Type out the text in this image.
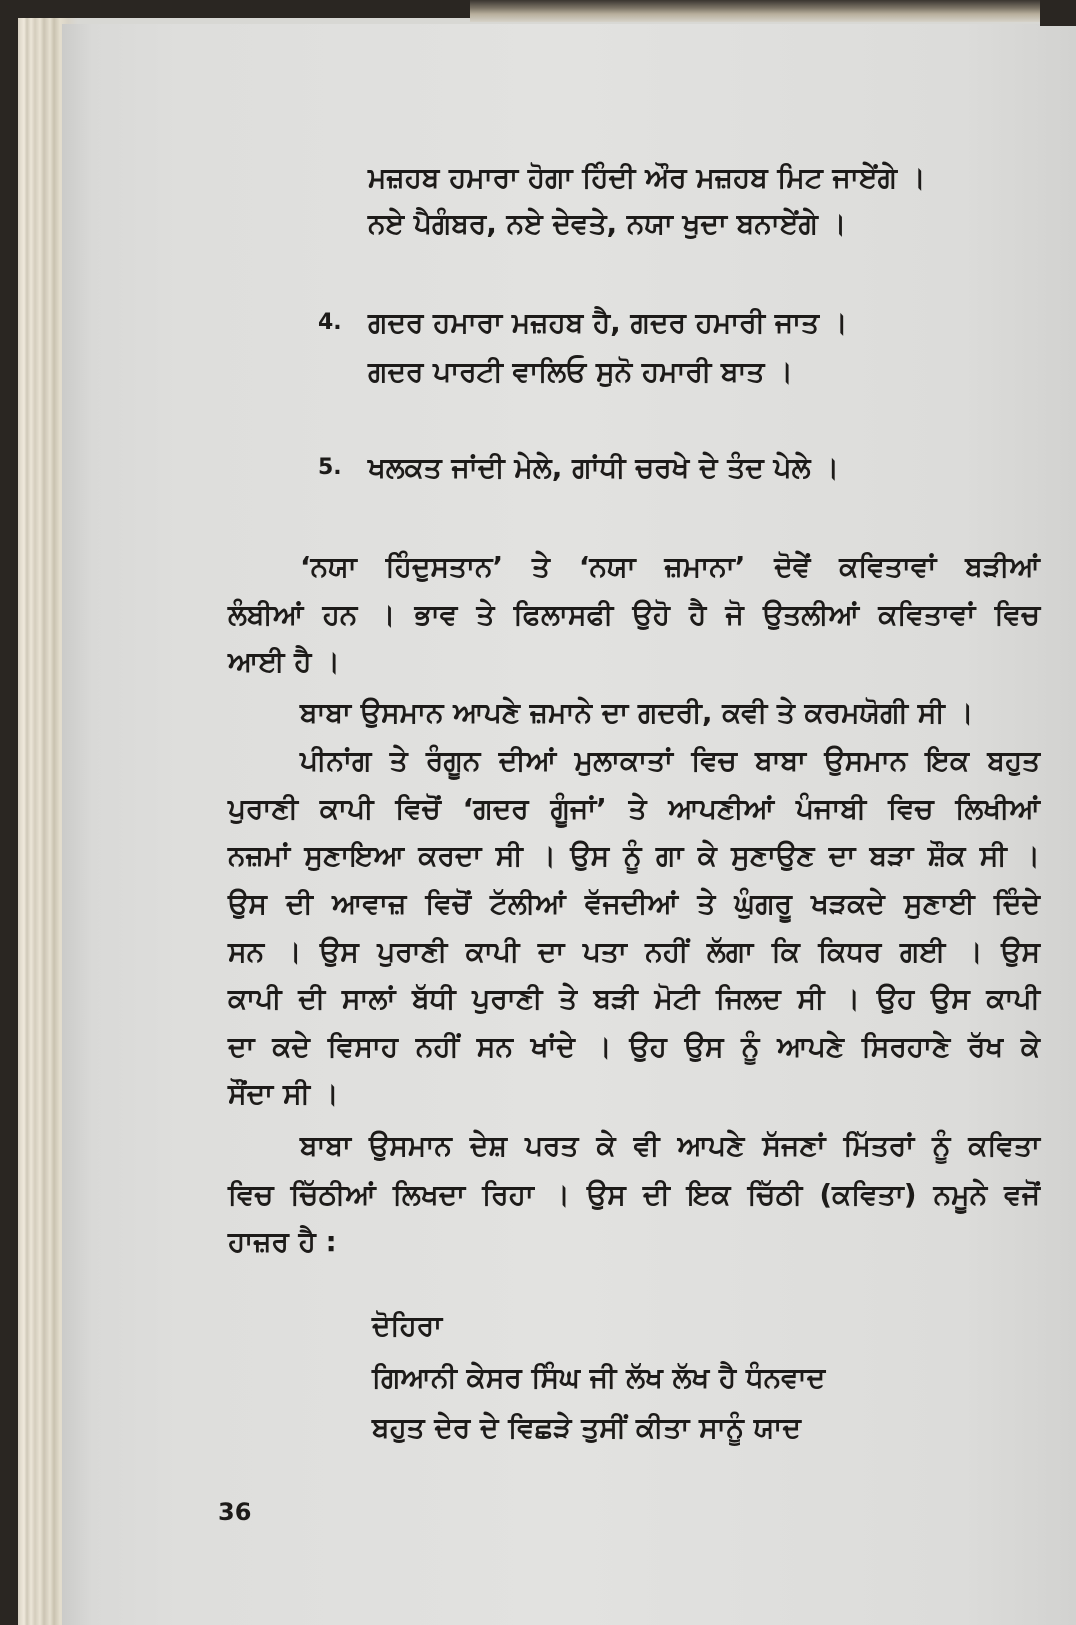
ਮਜ਼ਹਬ ਹਮਾਰਾ ਹੋਗਾ ਹਿੰਦੀ ਔਰ ਮਜ਼ਹਬ ਮਿਟ ਜਾਏਂਗੇ ।
ਨਏ ਪੈਗੰਬਰ, ਨਏ ਦੇਵਤੇ, ਨਯਾ ਖੁਦਾ ਬਨਾਏਂਗੇ ।
4. ਗਦਰ ਹਮਾਰਾ ਮਜ਼ਹਬ ਹੈ, ਗਦਰ ਹਮਾਰੀ ਜਾਤ ।
ਗਦਰ ਪਾਰਟੀ ਵਾਲਿਓ ਸੁਨੋ ਹਮਾਰੀ ਬਾਤ ।
5. ਖਲਕਤ ਜਾਂਦੀ ਮੇਲੇ, ਗਾਂਧੀ ਚਰਖੇ ਦੇ ਤੰਦ ਪੇਲੇ ।
‘ਨਯਾ ਹਿੰਦੁਸਤਾਨ’ ਤੇ ‘ਨਯਾ ਜ਼ਮਾਨਾ’ ਦੋਵੇਂ ਕਵਿਤਾਵਾਂ ਬੜੀਆਂ
ਲੰਬੀਆਂ ਹਨ । ਭਾਵ ਤੇ ਫਿਲਾਸਫੀ ਉਹੋ ਹੈ ਜੋ ਉਤਲੀਆਂ ਕਵਿਤਾਵਾਂ ਵਿਚ
ਆਈ ਹੈ ।
ਬਾਬਾ ਉਸਮਾਨ ਆਪਣੇ ਜ਼ਮਾਨੇ ਦਾ ਗਦਰੀ, ਕਵੀ ਤੇ ਕਰਮਯੋਗੀ ਸੀ ।
ਪੀਨਾਂਗ ਤੇ ਰੰਗੂਨ ਦੀਆਂ ਮੁਲਾਕਾਤਾਂ ਵਿਚ ਬਾਬਾ ਉਸਮਾਨ ਇਕ ਬਹੁਤ
ਪੁਰਾਣੀ ਕਾਪੀ ਵਿਚੋਂ ‘ਗਦਰ ਗੂੰਜਾਂ’ ਤੇ ਆਪਣੀਆਂ ਪੰਜਾਬੀ ਵਿਚ ਲਿਖੀਆਂ
ਨਜ਼ਮਾਂ ਸੁਣਾਇਆ ਕਰਦਾ ਸੀ । ਉਸ ਨੂੰ ਗਾ ਕੇ ਸੁਣਾਉਣ ਦਾ ਬੜਾ ਸ਼ੌਕ ਸੀ ।
ਉਸ ਦੀ ਆਵਾਜ਼ ਵਿਚੋਂ ਟੱਲੀਆਂ ਵੱਜਦੀਆਂ ਤੇ ਘੁੰਗਰੂ ਖੜਕਦੇ ਸੁਣਾਈ ਦਿੰਦੇ
ਸਨ । ਉਸ ਪੁਰਾਣੀ ਕਾਪੀ ਦਾ ਪਤਾ ਨਹੀਂ ਲੱਗਾ ਕਿ ਕਿਧਰ ਗਈ । ਉਸ
ਕਾਪੀ ਦੀ ਸਾਲਾਂ ਬੱਧੀ ਪੁਰਾਣੀ ਤੇ ਬੜੀ ਮੋਟੀ ਜਿਲਦ ਸੀ । ਉਹ ਉਸ ਕਾਪੀ
ਦਾ ਕਦੇ ਵਿਸਾਹ ਨਹੀਂ ਸਨ ਖਾਂਦੇ । ਉਹ ਉਸ ਨੂੰ ਆਪਣੇ ਸਿਰਹਾਣੇ ਰੱਖ ਕੇ
ਸੌਂਦਾ ਸੀ ।
ਬਾਬਾ ਉਸਮਾਨ ਦੇਸ਼ ਪਰਤ ਕੇ ਵੀ ਆਪਣੇ ਸੱਜਣਾਂ ਮਿੱਤਰਾਂ ਨੂੰ ਕਵਿਤਾ
ਵਿਚ ਚਿੱਠੀਆਂ ਲਿਖਦਾ ਰਿਹਾ । ਉਸ ਦੀ ਇਕ ਚਿੱਠੀ (ਕਵਿਤਾ) ਨਮੂਨੇ ਵਜੋਂ
ਹਾਜ਼ਰ ਹੈ :
ਦੋਹਿਰਾ
ਗਿਆਨੀ ਕੇਸਰ ਸਿੰਘ ਜੀ ਲੱਖ ਲੱਖ ਹੈ ਧੰਨਵਾਦ
ਬਹੁਤ ਦੇਰ ਦੇ ਵਿਛੜੇ ਤੁਸੀਂ ਕੀਤਾ ਸਾਨੂੰ ਯਾਦ
36
